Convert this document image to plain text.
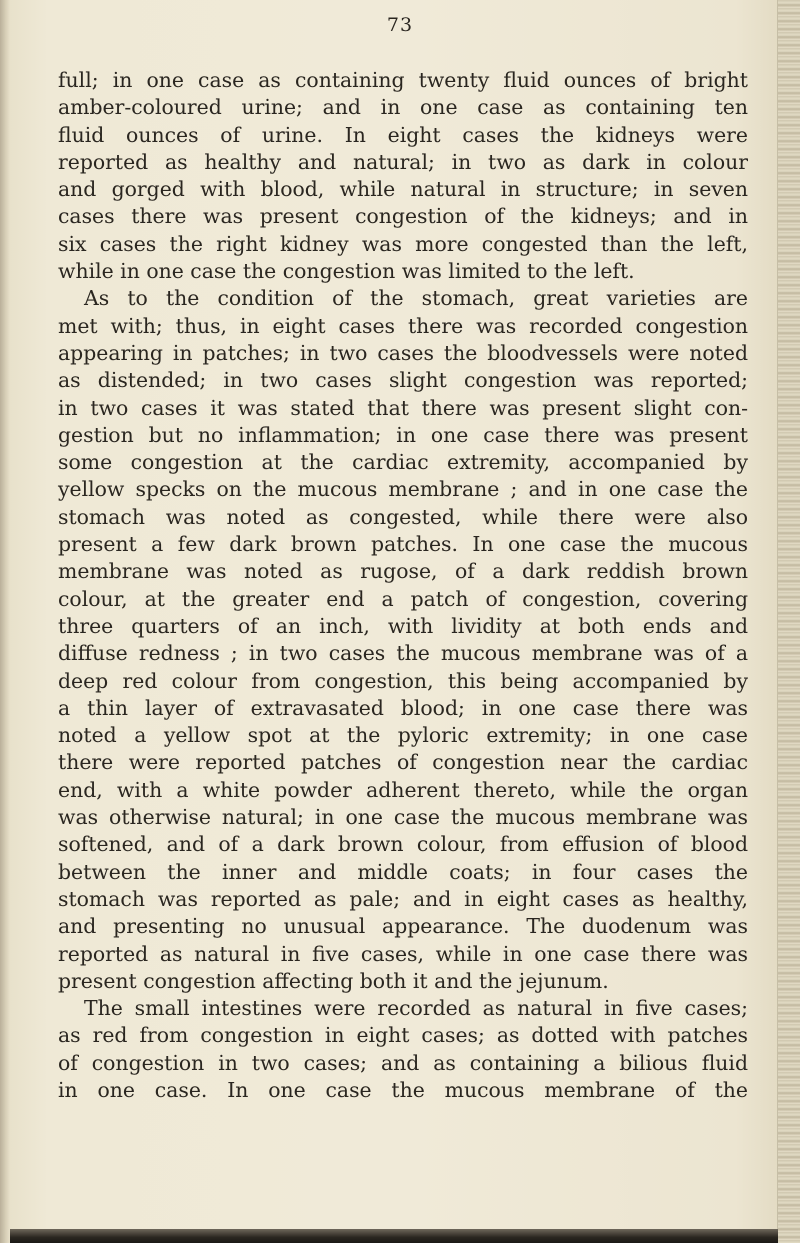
73
full; in one case as containing twenty fluid ounces of bright
amber-coloured urine; and in one case as containing ten
fluid ounces of urine. In eight cases the kidneys were
reported as healthy and natural; in two as dark in colour
and gorged with blood, while natural in structure; in seven
cases there was present congestion of the kidneys; and in
six cases the right kidney was more congested than the left,
while in one case the congestion was limited to the left.
As to the condition of the stomach, great varieties are
met with; thus, in eight cases there was recorded congestion
appearing in patches; in two cases the bloodvessels were noted
as distended; in two cases slight congestion was reported;
in two cases it was stated that there was present slight con-
gestion but no inflammation; in one case there was present
some congestion at the cardiac extremity, accompanied by
yellow specks on the mucous membrane ; and in one case the
stomach was noted as congested, while there were also
present a few dark brown patches. In one case the mucous
membrane was noted as rugose, of a dark reddish brown
colour, at the greater end a patch of congestion, covering
three quarters of an inch, with lividity at both ends and
diffuse redness ; in two cases the mucous membrane was of a
deep red colour from congestion, this being accompanied by
a thin layer of extravasated blood; in one case there was
noted a yellow spot at the pyloric extremity; in one case
there were reported patches of congestion near the cardiac
end, with a white powder adherent thereto, while the organ
was otherwise natural; in one case the mucous membrane was
softened, and of a dark brown colour, from effusion of blood
between the inner and middle coats; in four cases the
stomach was reported as pale; and in eight cases as healthy,
and presenting no unusual appearance. The duodenum was
reported as natural in five cases, while in one case there was
present congestion affecting both it and the jejunum.
The small intestines were recorded as natural in five cases;
as red from congestion in eight cases; as dotted with patches
of congestion in two cases; and as containing a bilious fluid
in one case. In one case the mucous membrane of the
